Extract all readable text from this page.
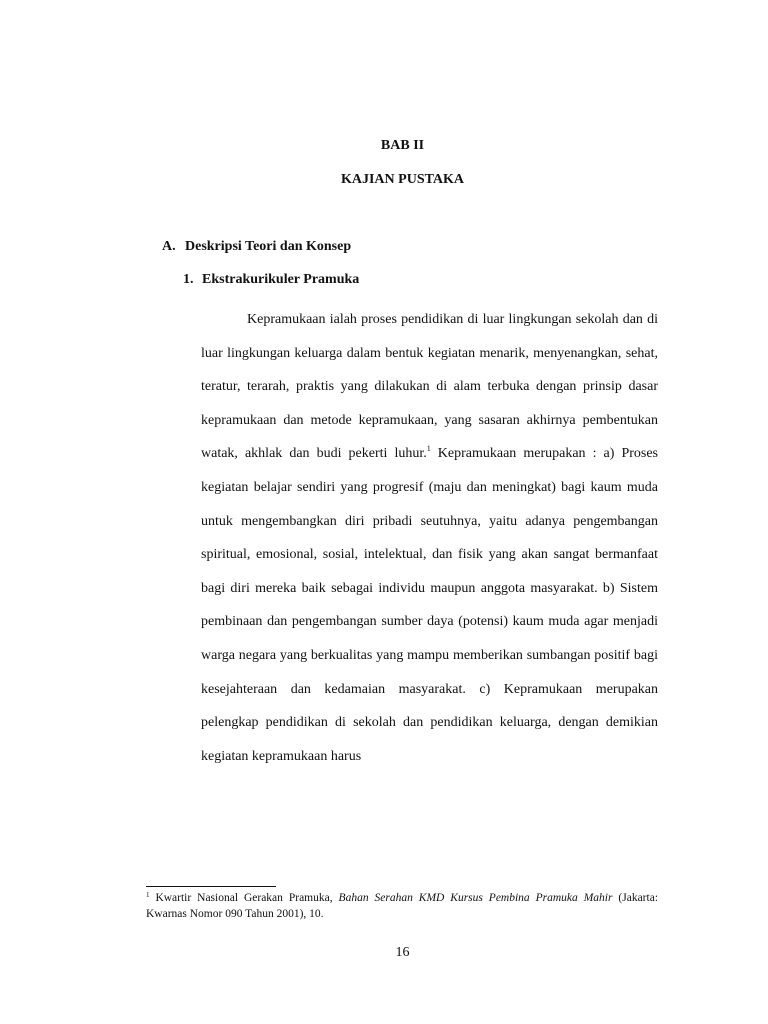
BAB II
KAJIAN PUSTAKA
A. Deskripsi Teori dan Konsep
1. Ekstrakurikuler Pramuka

Kepramukaan ialah proses pendidikan di luar lingkungan sekolah dan di luar lingkungan keluarga dalam bentuk kegiatan menarik, menyenangkan, sehat, teratur, terarah, praktis yang dilakukan di alam terbuka dengan prinsip dasar kepramukaan dan metode kepramukaan, yang sasaran akhirnya pembentukan watak, akhlak dan budi pekerti luhur.$^1$ Kepramukaan merupakan : a) Proses kegiatan belajar sendiri yang progresif (maju dan meningkat) bagi kaum muda untuk mengembangkan diri pribadi seutuhnya, yaitu adanya pengembangan spiritual, emosional, sosial, intelektual, dan fisik yang akan sangat bermanfaat bagi diri mereka baik sebagai individu maupun anggota masyarakat. b) Sistem pembinaan dan pengembangan sumber daya (potensi) kaum muda agar menjadi warga negara yang berkualitas yang mampu memberikan sumbangan positif bagi kesejahteraan dan kedamaian masyarakat. c) Kepramukaan merupakan pelengkap pendidikan di sekolah dan pendidikan keluarga, dengan demikian kegiatan kepramukaan harus

$^1$ Kwartir Nasional Gerakan Pramuka, Bahan Serahan KMD Kursus Pembina Pramuka Mahir (Jakarta: Kwarnas Nomor 090 Tahun 2001), 10.

16
